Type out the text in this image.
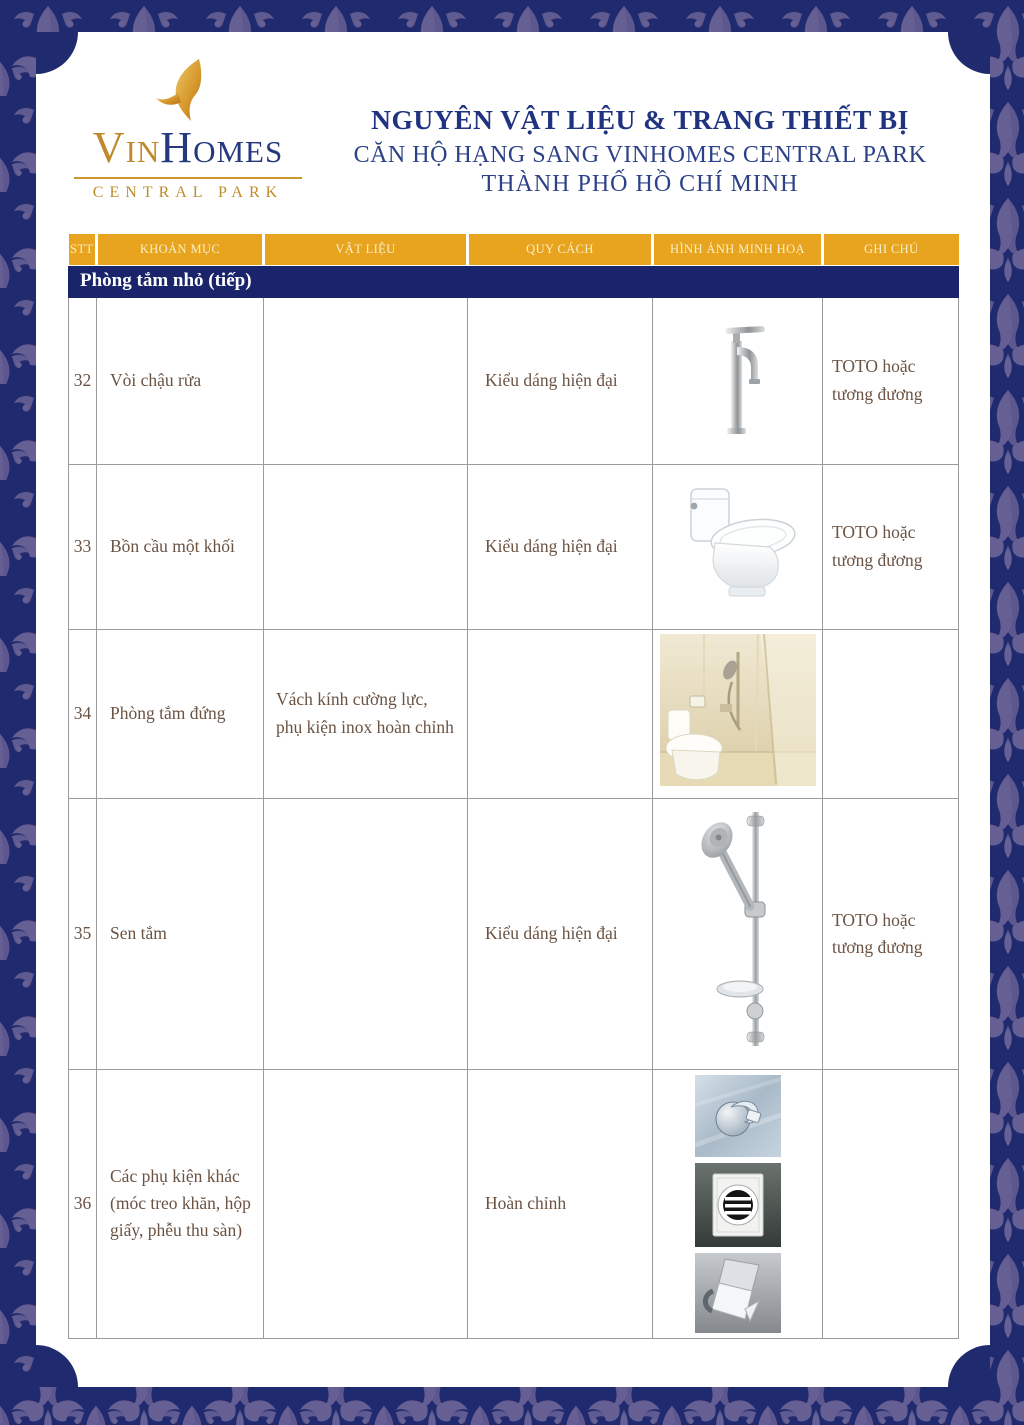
VinHomes
CENTRAL PARK
NGUYÊN VẬT LIỆU & TRANG THIẾT BỊ
CĂN HỘ HẠNG SANG VINHOMES CENTRAL PARK
THÀNH PHỐ HỒ CHÍ MINH
STT	KHOẢN MỤC	VẬT LIỆU	QUY CÁCH	HÌNH ẢNH MINH HOẠ	GHI CHÚ
Phòng tắm nhỏ (tiếp)					
32	Vòi chậu rửa		Kiểu dáng hiện đại		TOTO hoặc tương đương
33	Bồn cầu một khối		Kiểu dáng hiện đại		TOTO hoặc tương đương
34	Phòng tắm đứng	Vách kính cường lực, phụ kiện inox hoàn chỉnh			
35	Sen tắm		Kiểu dáng hiện đại		TOTO hoặc tương đương
36	Các phụ kiện khác (móc treo khăn, hộp giấy, phễu thu sàn)		Hoàn chỉnh	
